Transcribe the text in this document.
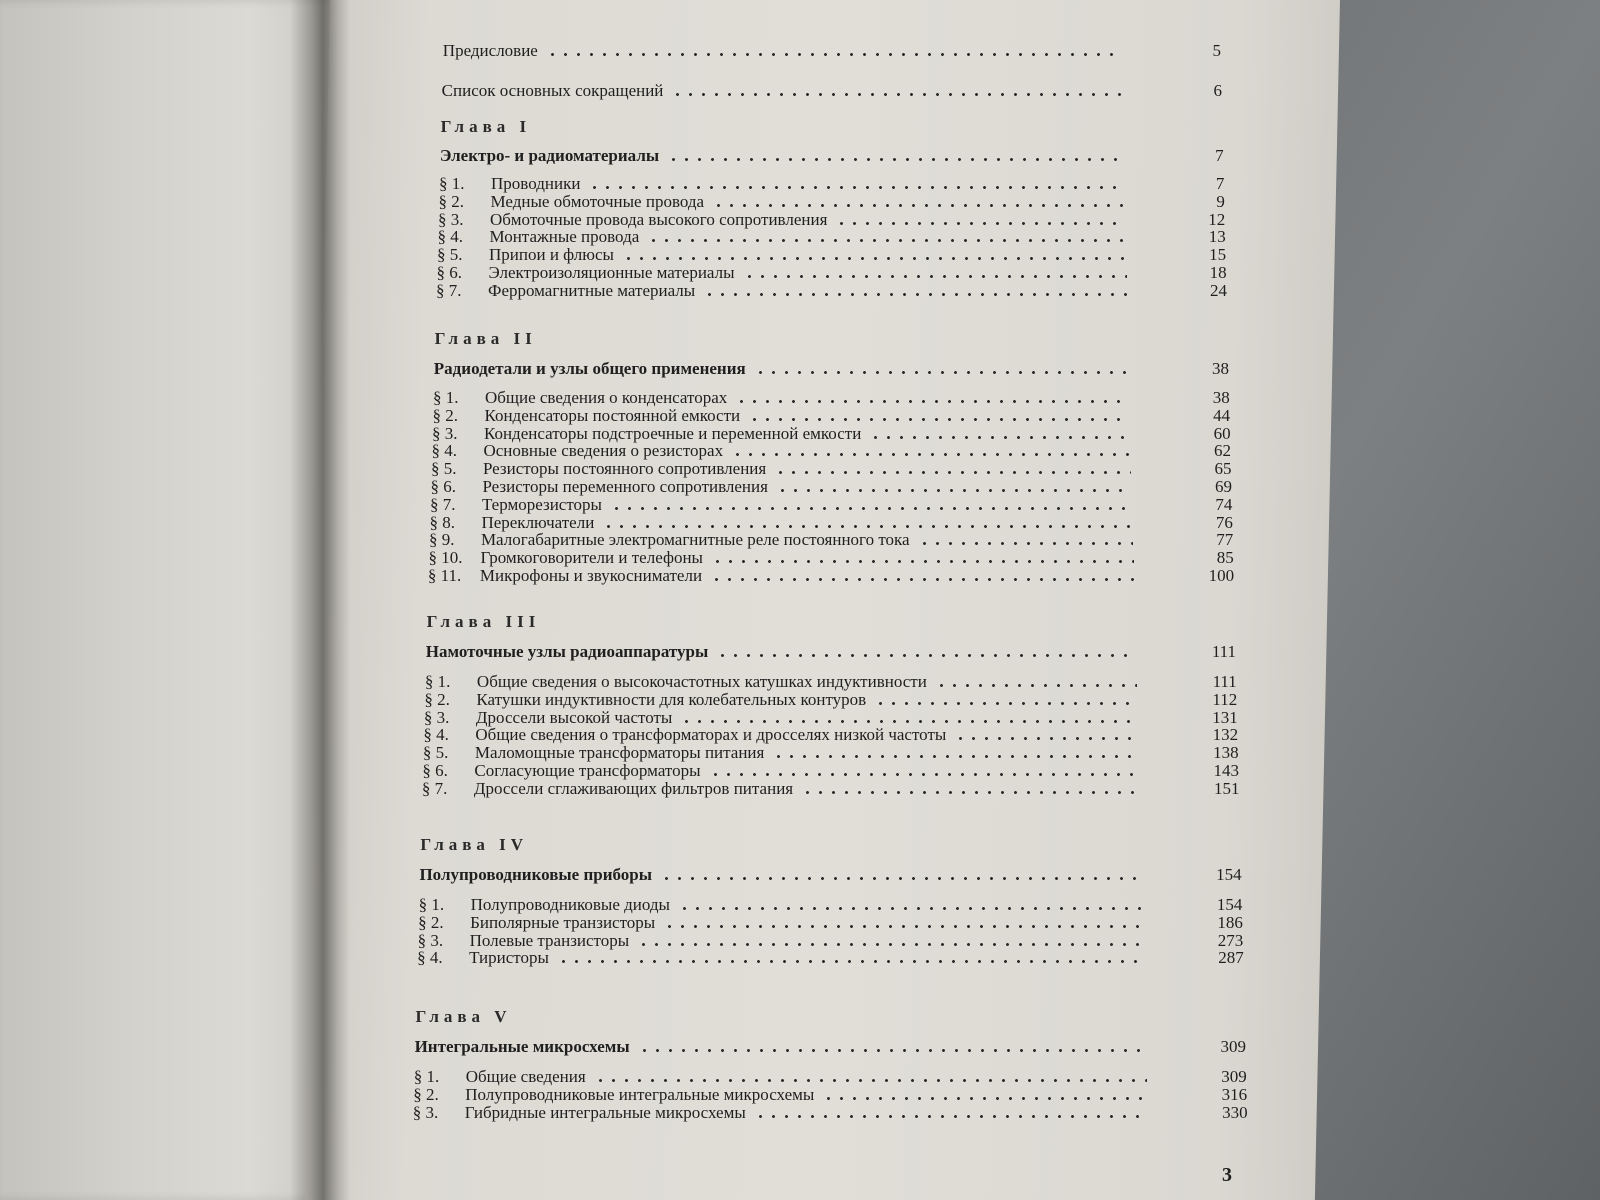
Предисловие	5
Список основных сокращений	6
Глава I
Электро- и радиоматериалы	7
§ 1. Проводники	7
§ 2. Медные обмоточные провода	9
§ 3. Обмоточные провода высокого сопротивления	12
§ 4. Монтажные провода	13
§ 5. Припои и флюсы	15
§ 6. Электроизоляционные материалы	18
§ 7. Ферромагнитные материалы	24
Глава II
Радиодетали и узлы общего применения	38
§ 1. Общие сведения о конденсаторах	38
§ 2. Конденсаторы постоянной емкости	44
§ 3. Конденсаторы подстроечные и переменной емкости	60
§ 4. Основные сведения о резисторах	62
§ 5. Резисторы постоянного сопротивления	65
§ 6. Резисторы переменного сопротивления	69
§ 7. Терморезисторы	74
§ 8. Переключатели	76
§ 9. Малогабаритные электромагнитные реле постоянного тока	77
§ 10. Громкоговорители и телефоны	85
§ 11. Микрофоны и звукосниматели	100
Глава III
Намоточные узлы радиоаппаратуры	111
§ 1. Общие сведения о высокочастотных катушках индуктивности	111
§ 2. Катушки индуктивности для колебательных контуров	112
§ 3. Дроссели высокой частоты	131
§ 4. Общие сведения о трансформаторах и дросселях низкой частоты	132
§ 5. Маломощные трансформаторы питания	138
§ 6. Согласующие трансформаторы	143
§ 7. Дроссели сглаживающих фильтров питания	151
Глава IV
Полупроводниковые приборы	154
§ 1. Полупроводниковые диоды	154
§ 2. Биполярные транзисторы	186
§ 3. Полевые транзисторы	273
§ 4. Тиристоры	287
Глава V
Интегральные микросхемы	309
§ 1. Общие сведения	309
§ 2. Полупроводниковые интегральные микросхемы	316
§ 3. Гибридные интегральные микросхемы	330
3
